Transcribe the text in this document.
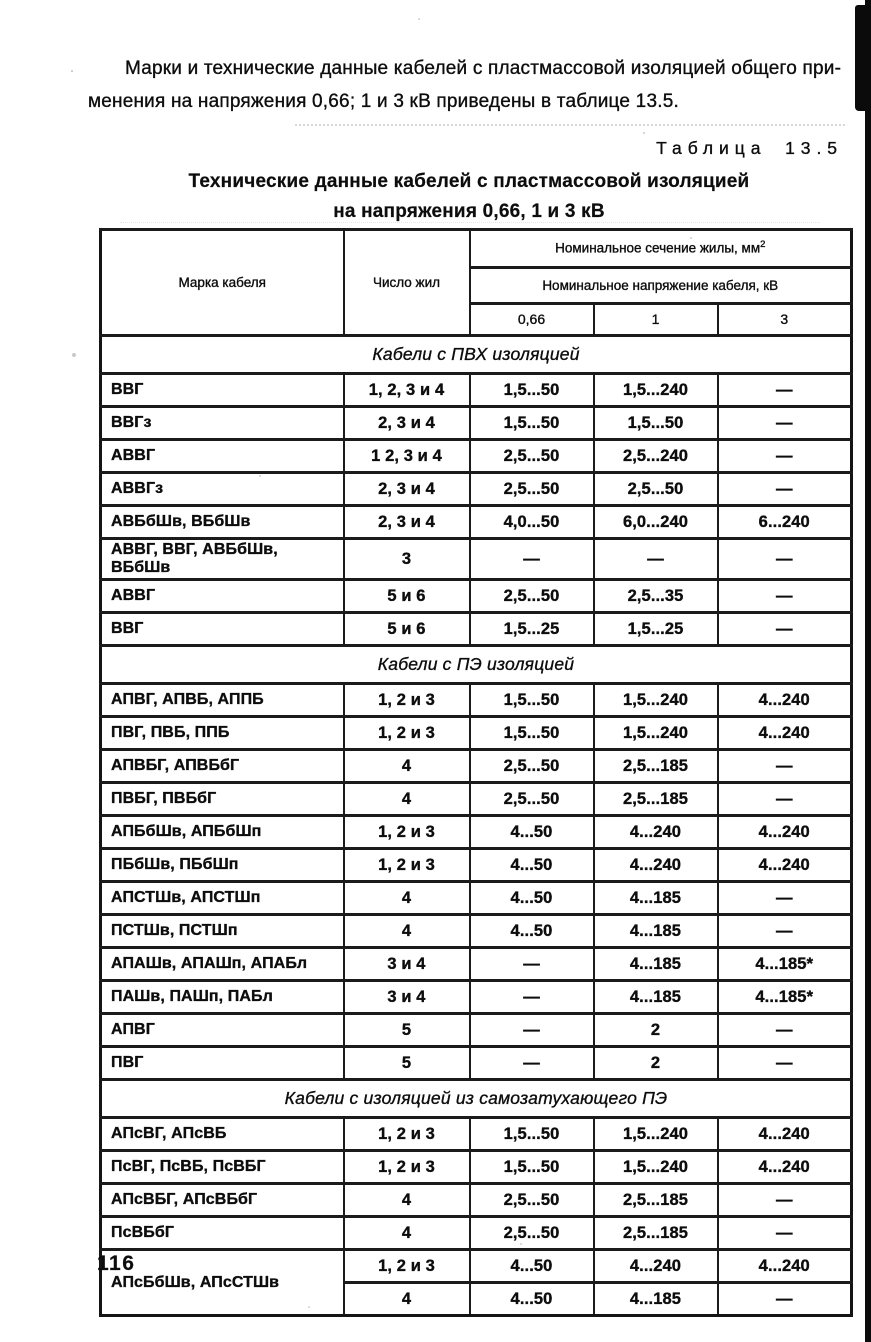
Марки и технические данные кабелей с пластмассовой изоляцией общего при-
менения на напряжения 0,66; 1 и 3 кВ приведены в таблице 13.5.
Таблица 13.5
Технические данные кабелей с пластмассовой изоляцией
на напряжения 0,66, 1 и 3 кВ
Марка кабеля	Число жил	Номинальное сечение жилы, $мм^2$
		Номинальное напряжение кабеля, кВ		
		0,66	1	3
Кабели с ПВХ изоляцией				
ВВГ	1, 2, 3 и 4	1,5...50	1,5...240	—
ВВГз	2, 3 и 4	1,5...50	1,5...50	—
АВВГ	1 2, 3 и 4	2,5...50	2,5...240	—
АВВГз	2, 3 и 4	2,5...50	2,5...50	—
АВБбШв, ВБбШв	2, 3 и 4	4,0...50	6,0...240	6...240
АВВГ, ВВГ, АВБбШв, ВБбШв	3	—	—	—
АВВГ	5 и 6	2,5...50	2,5...35	—
ВВГ	5 и 6	1,5...25	1,5...25	—
Кабели с ПЭ изоляцией				
АПВГ, АПВБ, АППБ	1, 2 и 3	1,5...50	1,5...240	4...240
ПВГ, ПВБ, ППБ	1, 2 и 3	1,5...50	1,5...240	4...240
АПВБГ, АПВБбГ	4	2,5...50	2,5...185	—
ПВБГ, ПВБбГ	4	2,5...50	2,5...185	—
АПБбШв, АПБбШп	1, 2 и 3	4...50	4...240	4...240
ПБбШв, ПБбШп	1, 2 и 3	4...50	4...240	4...240
АПСТШв, АПСТШп	4	4...50	4...185	—
ПСТШв, ПСТШп	4	4...50	4...185	—
АПАШв, АПАШп, АПАБл	3 и 4	—	4...185	4...185*
ПАШв, ПАШп, ПАБл	3 и 4	—	4...185	4...185*
АПВГ	5	—	2	—
ПВГ	5	—	2	—
Кабели с изоляцией из самозатухающего ПЭ				
АПсВГ, АПсВБ	1, 2 и 3	1,5...50	1,5...240	4...240
ПсВГ, ПсВБ, ПсВБГ	1, 2 и 3	1,5...50	1,5...240	4...240
АПсВБГ, АПсВБбГ	4	2,5...50	2,5...185	—
ПсВБбГ	4	2,5...50	2,5...185	—
АПсБбШв, АПсСТШв	1, 2 и 3	4...50	4...240	4...240
	4	4...50	4...185	—
116
